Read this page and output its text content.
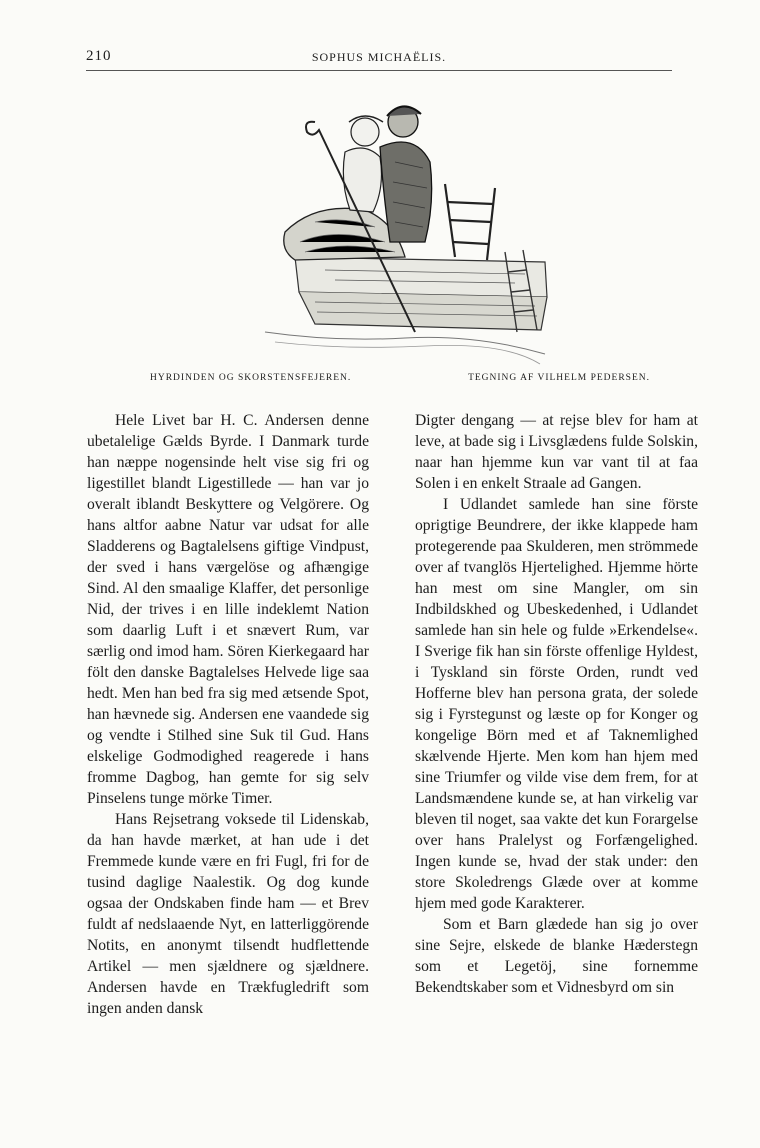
210	SOPHUS MICHAËLIS.
HYRDINDEN OG SKORSTENSFEJEREN.	TEGNING AF VILHELM PEDERSEN.

Hele Livet bar H. C. Andersen denne ubetalelige Gælds Byrde. I Danmark turde han næppe nogensinde helt vise sig fri og ligestillet blandt Ligestillede — han var jo overalt iblandt Beskyttere og Velgörere. Og hans altfor aabne Natur var udsat for alle Sladderens og Bagtalelsens giftige Vindpust, der sved i hans værgelöse og afhængige Sind. Al den smaalige Klaffer, det personlige Nid, der trives i en lille indeklemt Nation som daarlig Luft i et snævert Rum, var særlig ond imod ham. Sören Kierkegaard har fölt den danske Bagtalelses Helvede lige saa hedt. Men han bed fra sig med ætsende Spot, han hævnede sig. Andersen ene vaandede sig og vendte i Stilhed sine Suk til Gud. Hans elskelige Godmodighed reagerede i hans fromme Dagbog, han gemte for sig selv Pinselens tunge mörke Timer.

Hans Rejsetrang voksede til Lidenskab, da han havde mærket, at han ude i det Fremmede kunde være en fri Fugl, fri for de tusind daglige Naalestik. Og dog kunde ogsaa der Ondskaben finde ham — et Brev fuldt af nedslaaende Nyt, en latterliggörende Notits, en anonymt tilsendt hudflettende Artikel — men sjældnere og sjældnere. Andersen havde en Trækfugledrift som ingen anden dansk

Digter dengang — at rejse blev for ham at leve, at bade sig i Livsglædens fulde Solskin, naar han hjemme kun var vant til at faa Solen i en enkelt Straale ad Gangen.

I Udlandet samlede han sine förste oprigtige Beundrere, der ikke klappede ham protegerende paa Skulderen, men strömmede over af tvanglös Hjertelighed. Hjemme hörte han mest om sine Mangler, om sin Indbildskhed og Ubeskedenhed, i Udlandet samlede han sin hele og fulde »Erkendelse«. I Sverige fik han sin förste offenlige Hyldest, i Tyskland sin förste Orden, rundt ved Hofferne blev han persona grata, der solede sig i Fyrstegunst og læste op for Konger og kongelige Börn med et af Taknemlighed skælvende Hjerte. Men kom han hjem med sine Triumfer og vilde vise dem frem, for at Landsmændene kunde se, at han virkelig var bleven til noget, saa vakte det kun Forargelse over hans Pralelyst og Forfængelighed. Ingen kunde se, hvad der stak under: den store Skoledrengs Glæde over at komme hjem med gode Karakterer.

Som et Barn glædede han sig jo over sine Sejre, elskede de blanke Hæderstegn som et Legetöj, sine fornemme Bekendtskaber som et Vidnesbyrd om sin
